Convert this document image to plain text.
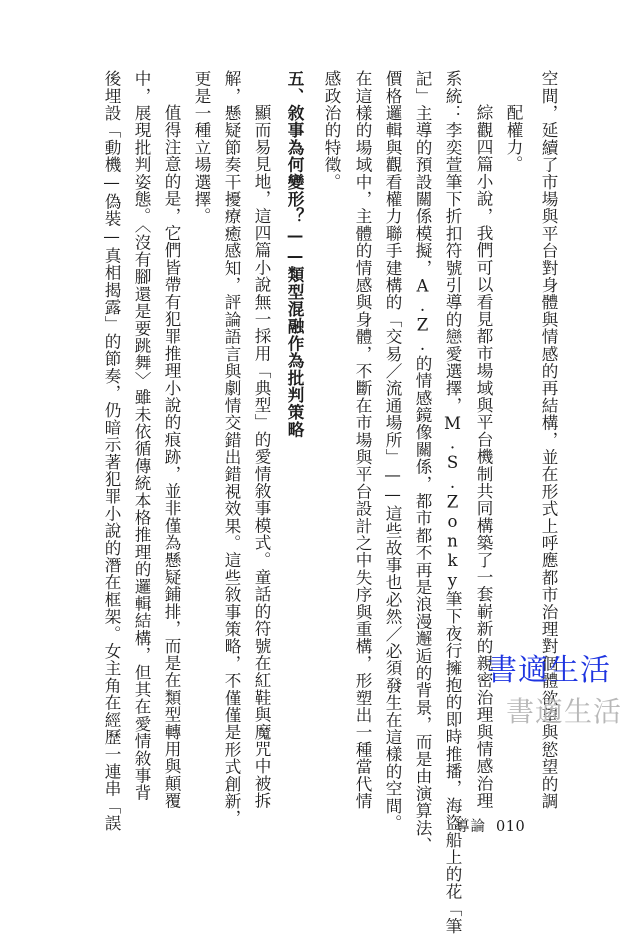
空間，延續了市場與平台對身體與情感的再結構，並在形式上呼應都市治理對個體欲望與慾望的調
配權力。
綜觀四篇小說，我們可以看見都市場域與平台機制共同構築了一套嶄新的親密治理與情感治理
系統：李奕萱筆下折扣符號引導的戀愛選擇，M.S.Zonky筆下夜行擁抱的即時推播，海盜船上的花「筆
記」主導的預設關係模擬，A.Z.的情感鏡像關係，都市都不再是浪漫邂逅的背景，而是由演算法、
價格邏輯與觀看權力聯手建構的「交易／流通場所」——這些故事也必然／必須發生在這樣的空間。
在這樣的場域中，主體的情感與身體，不斷在市場與平台設計之中失序與重構，形塑出一種當代情
感政治的特徵。
五、敘事為何變形？——類型混融作為批判策略
顯而易見地，這四篇小說無一採用「典型」的愛情敘事模式。童話的符號在紅鞋與魔咒中被拆
解，懸疑節奏干擾療癒感知，評論語言與劇情交錯出錯視效果。這些敘事策略，不僅僅是形式創新，
更是一種立場選擇。
值得注意的是，它們皆帶有犯罪推理小說的痕跡，並非僅為懸疑鋪排，而是在類型轉用與顛覆
中，展現批判姿態。〈沒有腳還是要跳舞〉雖未依循傳統本格推理的邏輯結構，但其在愛情敘事背
後埋設「動機—偽裝—真相揭露」的節奏，仍暗示著犯罪小說的潛在框架。女主角在經歷一連串「誤	導論 010
書適生活
書適生活
